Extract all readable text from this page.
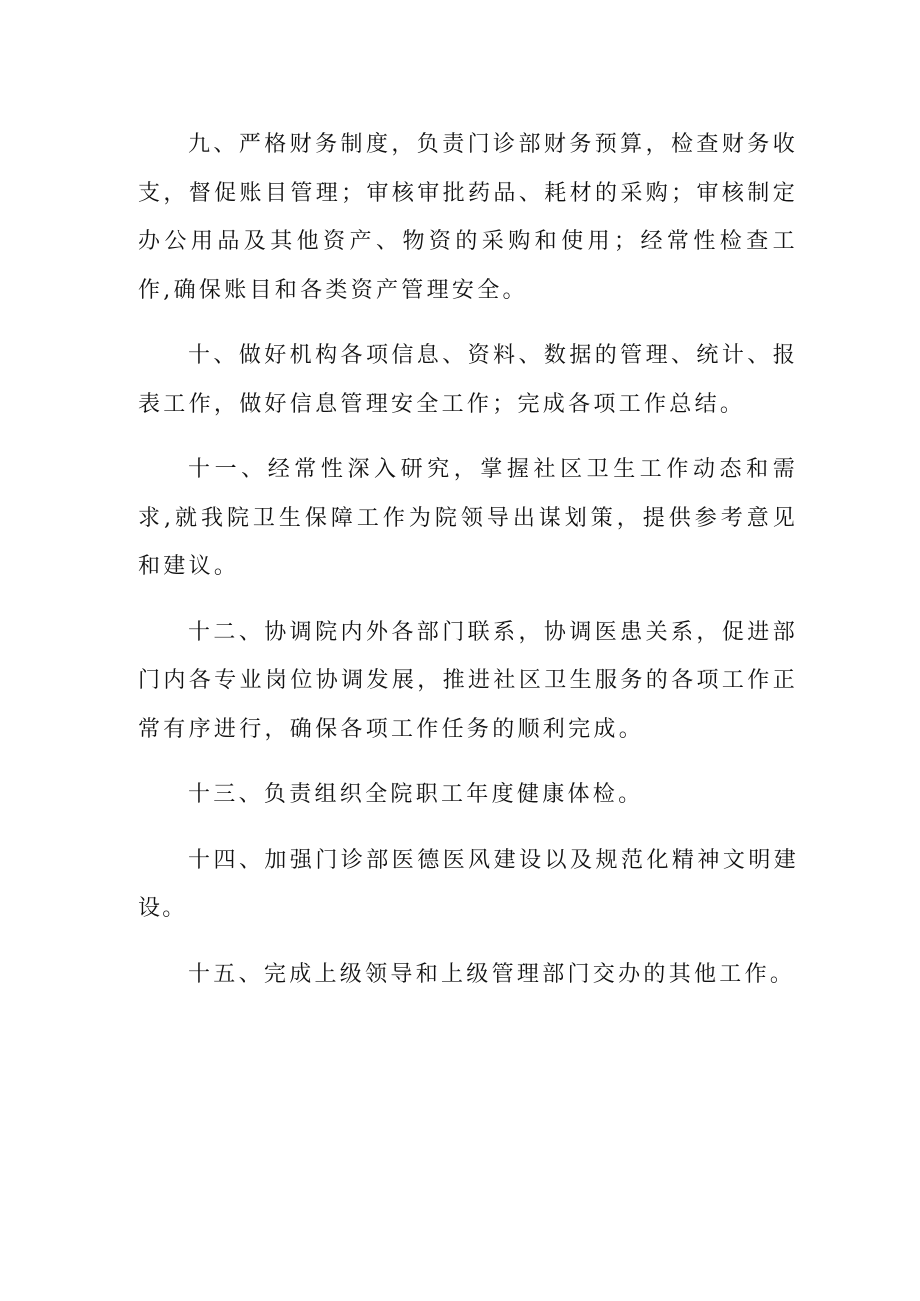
九、严格财务制度，负责门诊部财务预算，检查财务收支，督促账目管理；审核审批药品、耗材的采购；审核制定办公用品及其他资产、物资的采购和使用；经常性检查工作,确保账目和各类资产管理安全。

十、做好机构各项信息、资料、数据的管理、统计、报表工作，做好信息管理安全工作；完成各项工作总结。

十一、经常性深入研究，掌握社区卫生工作动态和需求,就我院卫生保障工作为院领导出谋划策，提供参考意见和建议。

十二、协调院内外各部门联系，协调医患关系，促进部门内各专业岗位协调发展，推进社区卫生服务的各项工作正常有序进行，确保各项工作任务的顺利完成。

十三、负责组织全院职工年度健康体检。

十四、加强门诊部医德医风建设以及规范化精神文明建设。

十五、完成上级领导和上级管理部门交办的其他工作。
